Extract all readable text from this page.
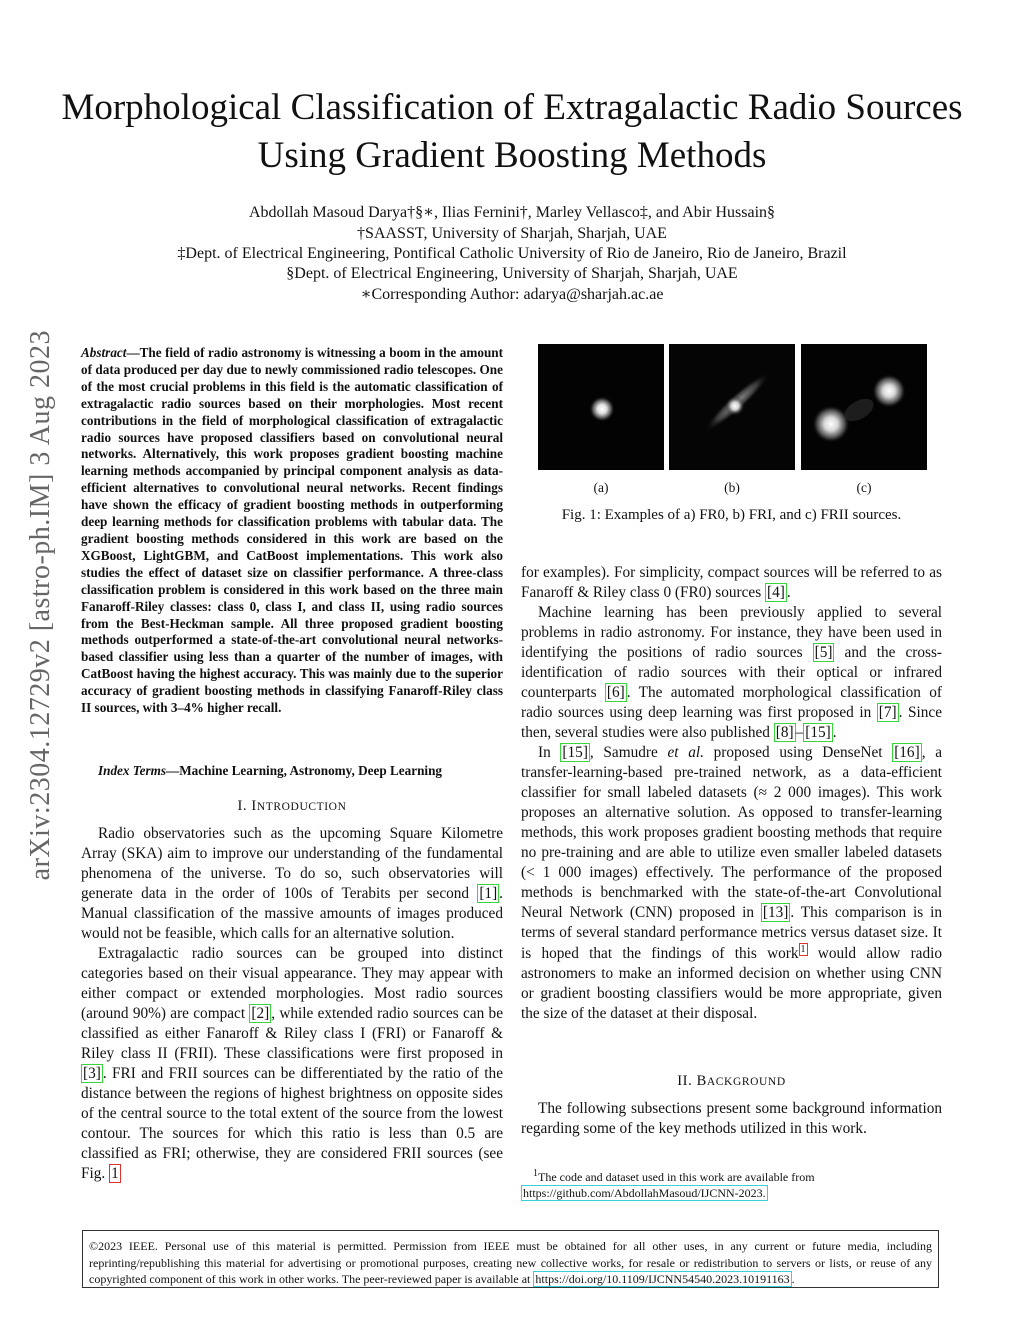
Morphological Classification of Extragalactic Radio Sources Using Gradient Boosting Methods
Abdollah Masoud Darya†§∗, Ilias Fernini†, Marley Vellasco‡, and Abir Hussain§
†SAASST, University of Sharjah, Sharjah, UAE
‡Dept. of Electrical Engineering, Pontifical Catholic University of Rio de Janeiro, Rio de Janeiro, Brazil
§Dept. of Electrical Engineering, University of Sharjah, Sharjah, UAE
∗Corresponding Author: adarya@sharjah.ac.ae
arXiv:2304.12729v2 [astro-ph.IM] 3 Aug 2023 Abstract—The field of radio astronomy is witnessing a boom in the amount of data produced per day due to newly commissioned radio telescopes. One of the most crucial problems in this field is the automatic classification of extragalactic radio sources based on their morphologies. Most recent contributions in the field of morphological classification of extragalactic radio sources have proposed classifiers based on convolutional neural networks. Alternatively, this work proposes gradient boosting machine learning methods accompanied by principal component analysis as data-efficient alternatives to convolutional neural networks. Recent findings have shown the efficacy of gradient boosting methods in outperforming deep learning methods for classification problems with tabular data. The gradient boosting methods considered in this work are based on the XGBoost, LightGBM, and CatBoost implementations. This work also studies the effect of dataset size on classifier performance. A three-class classification problem is considered in this work based on the three main Fanaroff-Riley classes: class 0, class I, and class II, using radio sources from the Best-Heckman sample. All three proposed gradient boosting methods outperformed a state-of-the-art convolutional neural networks-based classifier using less than a quarter of the number of images, with CatBoost having the highest accuracy. This was mainly due to the superior accuracy of gradient boosting methods in classifying Fanaroff-Riley class II sources, with 3–4% higher recall.
Index Terms—Machine Learning, Astronomy, Deep Learning
I. INTRODUCTION

Radio observatories such as the upcoming Square Kilometre Array (SKA) aim to improve our understanding of the fundamental phenomena of the universe. To do so, such observatories will generate data in the order of 100s of Terabits per second [1] . Manual classification of the massive amounts of images produced would not be feasible, which calls for an alternative solution.

Extragalactic radio sources can be grouped into distinct categories based on their visual appearance. They may appear with either compact or extended morphologies. Most radio sources (around 90%) are compact [2] , while extended radio sources can be classified as either Fanaroff & Riley class I (FRI) or Fanaroff & Riley class II (FRII). These classifications were first proposed in [3] . FRI and FRII sources can be differentiated by the ratio of the distance between the regions of highest brightness on opposite sides of the central source to the total extent of the source from the lowest contour. The sources for which this ratio is less than 0.5 are classified as FRI; otherwise, they are considered FRII sources (see Fig. 1

(a)	(b)	(c)
Fig. 1: Examples of a) FR0, b) FRI, and c) FRII sources.

for examples). For simplicity, compact sources will be referred to as Fanaroff & Riley class 0 (FR0) sources [4] .

Machine learning has been previously applied to several problems in radio astronomy. For instance, they have been used in identifying the positions of radio sources [5] and the cross-identification of radio sources with their optical or infrared counterparts [6] . The automated morphological classification of radio sources using deep learning was first proposed in [7] . Since then, several studies were also published [8] – [15] .

In [15] , Samudre et al. proposed using DenseNet [16] , a transfer-learning-based pre-trained network, as a data-efficient classifier for small labeled datasets (≈ 2 000 images). This work proposes an alternative solution. As opposed to transfer-learning methods, this work proposes gradient boosting methods that require no pre-training and are able to utilize even smaller labeled datasets (< 1 000 images) effectively. The performance of the proposed methods is benchmarked with the state-of-the-art Convolutional Neural Network (CNN) proposed in [13] . This comparison is in terms of several standard performance metrics versus dataset size. It is hoped that the findings of this work $^1$ would allow radio astronomers to make an informed decision on whether using CNN or gradient boosting classifiers would be more appropriate, given the size of the dataset at their disposal.

II. BACKGROUND

The following subsections present some background information regarding some of the key methods utilized in this work.

$^1$The code and dataset used in this work are available from
https://github.com/AbdollahMasoud/IJCNN-2023.
©2023 IEEE. Personal use of this material is permitted. Permission from IEEE must be obtained for all other uses, in any current or future media, including reprinting/republishing this material for advertising or promotional purposes, creating new collective works, for resale or redistribution to servers or lists, or reuse of any copyrighted component of this work in other works. The peer-reviewed paper is available at https://doi.org/10.1109/IJCNN54540.2023.10191163 .
